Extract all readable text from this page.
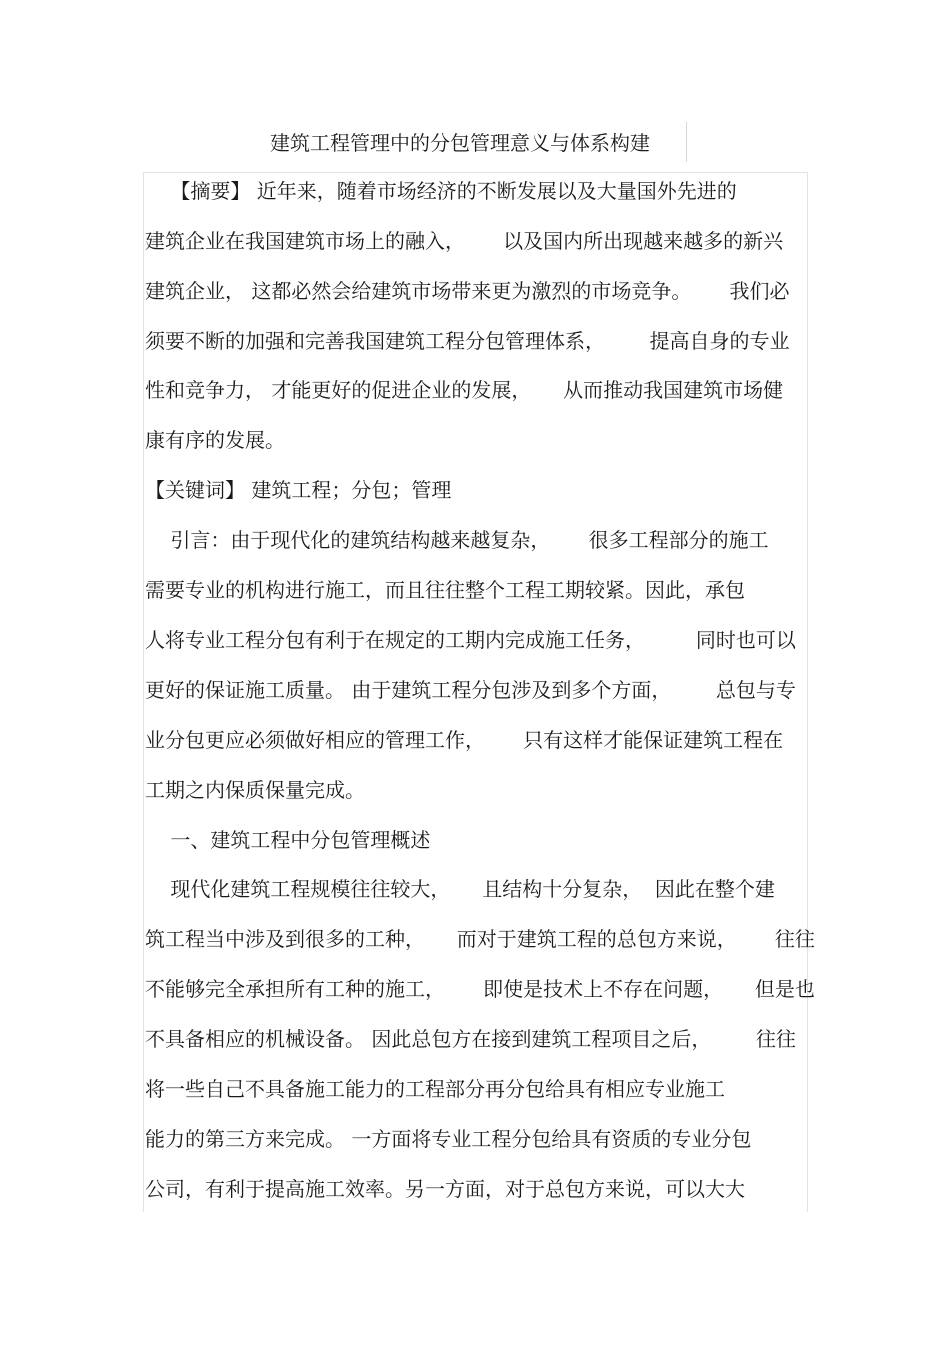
建筑工程管理中的分包管理意义与体系构建
【摘要】 近年来，随着市场经济的不断发展以及大量国外先进的
建筑企业在我国建筑市场上的融入，      以及国内所出现越来越多的新兴
建筑企业， 这都必然会给建筑市场带来更为激烈的市场竞争。      我们必
须要不断的加强和完善我国建筑工程分包管理体系，       提高自身的专业
性和竞争力， 才能更好的促进企业的发展，     从而推动我国建筑市场健
康有序的发展。
【关键词】 建筑工程；分包；管理
引言：由于现代化的建筑结构越来越复杂，      很多工程部分的施工
需要专业的机构进行施工，而且往往整个工程工期较紧。因此，承包
人将专业工程分包有利于在规定的工期内完成施工任务，        同时也可以
更好的保证施工质量。 由于建筑工程分包涉及到多个方面，       总包与专
业分包更应必须做好相应的管理工作，      只有这样才能保证建筑工程在
工期之内保质保量完成。
一、建筑工程中分包管理概述
现代化建筑工程规模往往较大，     且结构十分复杂，  因此在整个建
筑工程当中涉及到很多的工种，     而对于建筑工程的总包方来说，      往往
不能够完全承担所有工种的施工，      即使是技术上不存在问题，     但是也
不具备相应的机械设备。 因此总包方在接到建筑工程项目之后，       往往
将一些自己不具备施工能力的工程部分再分包给具有相应专业施工
能力的第三方来完成。 一方面将专业工程分包给具有资质的专业分包
公司，有利于提高施工效率。另一方面，对于总包方来说，可以大大
